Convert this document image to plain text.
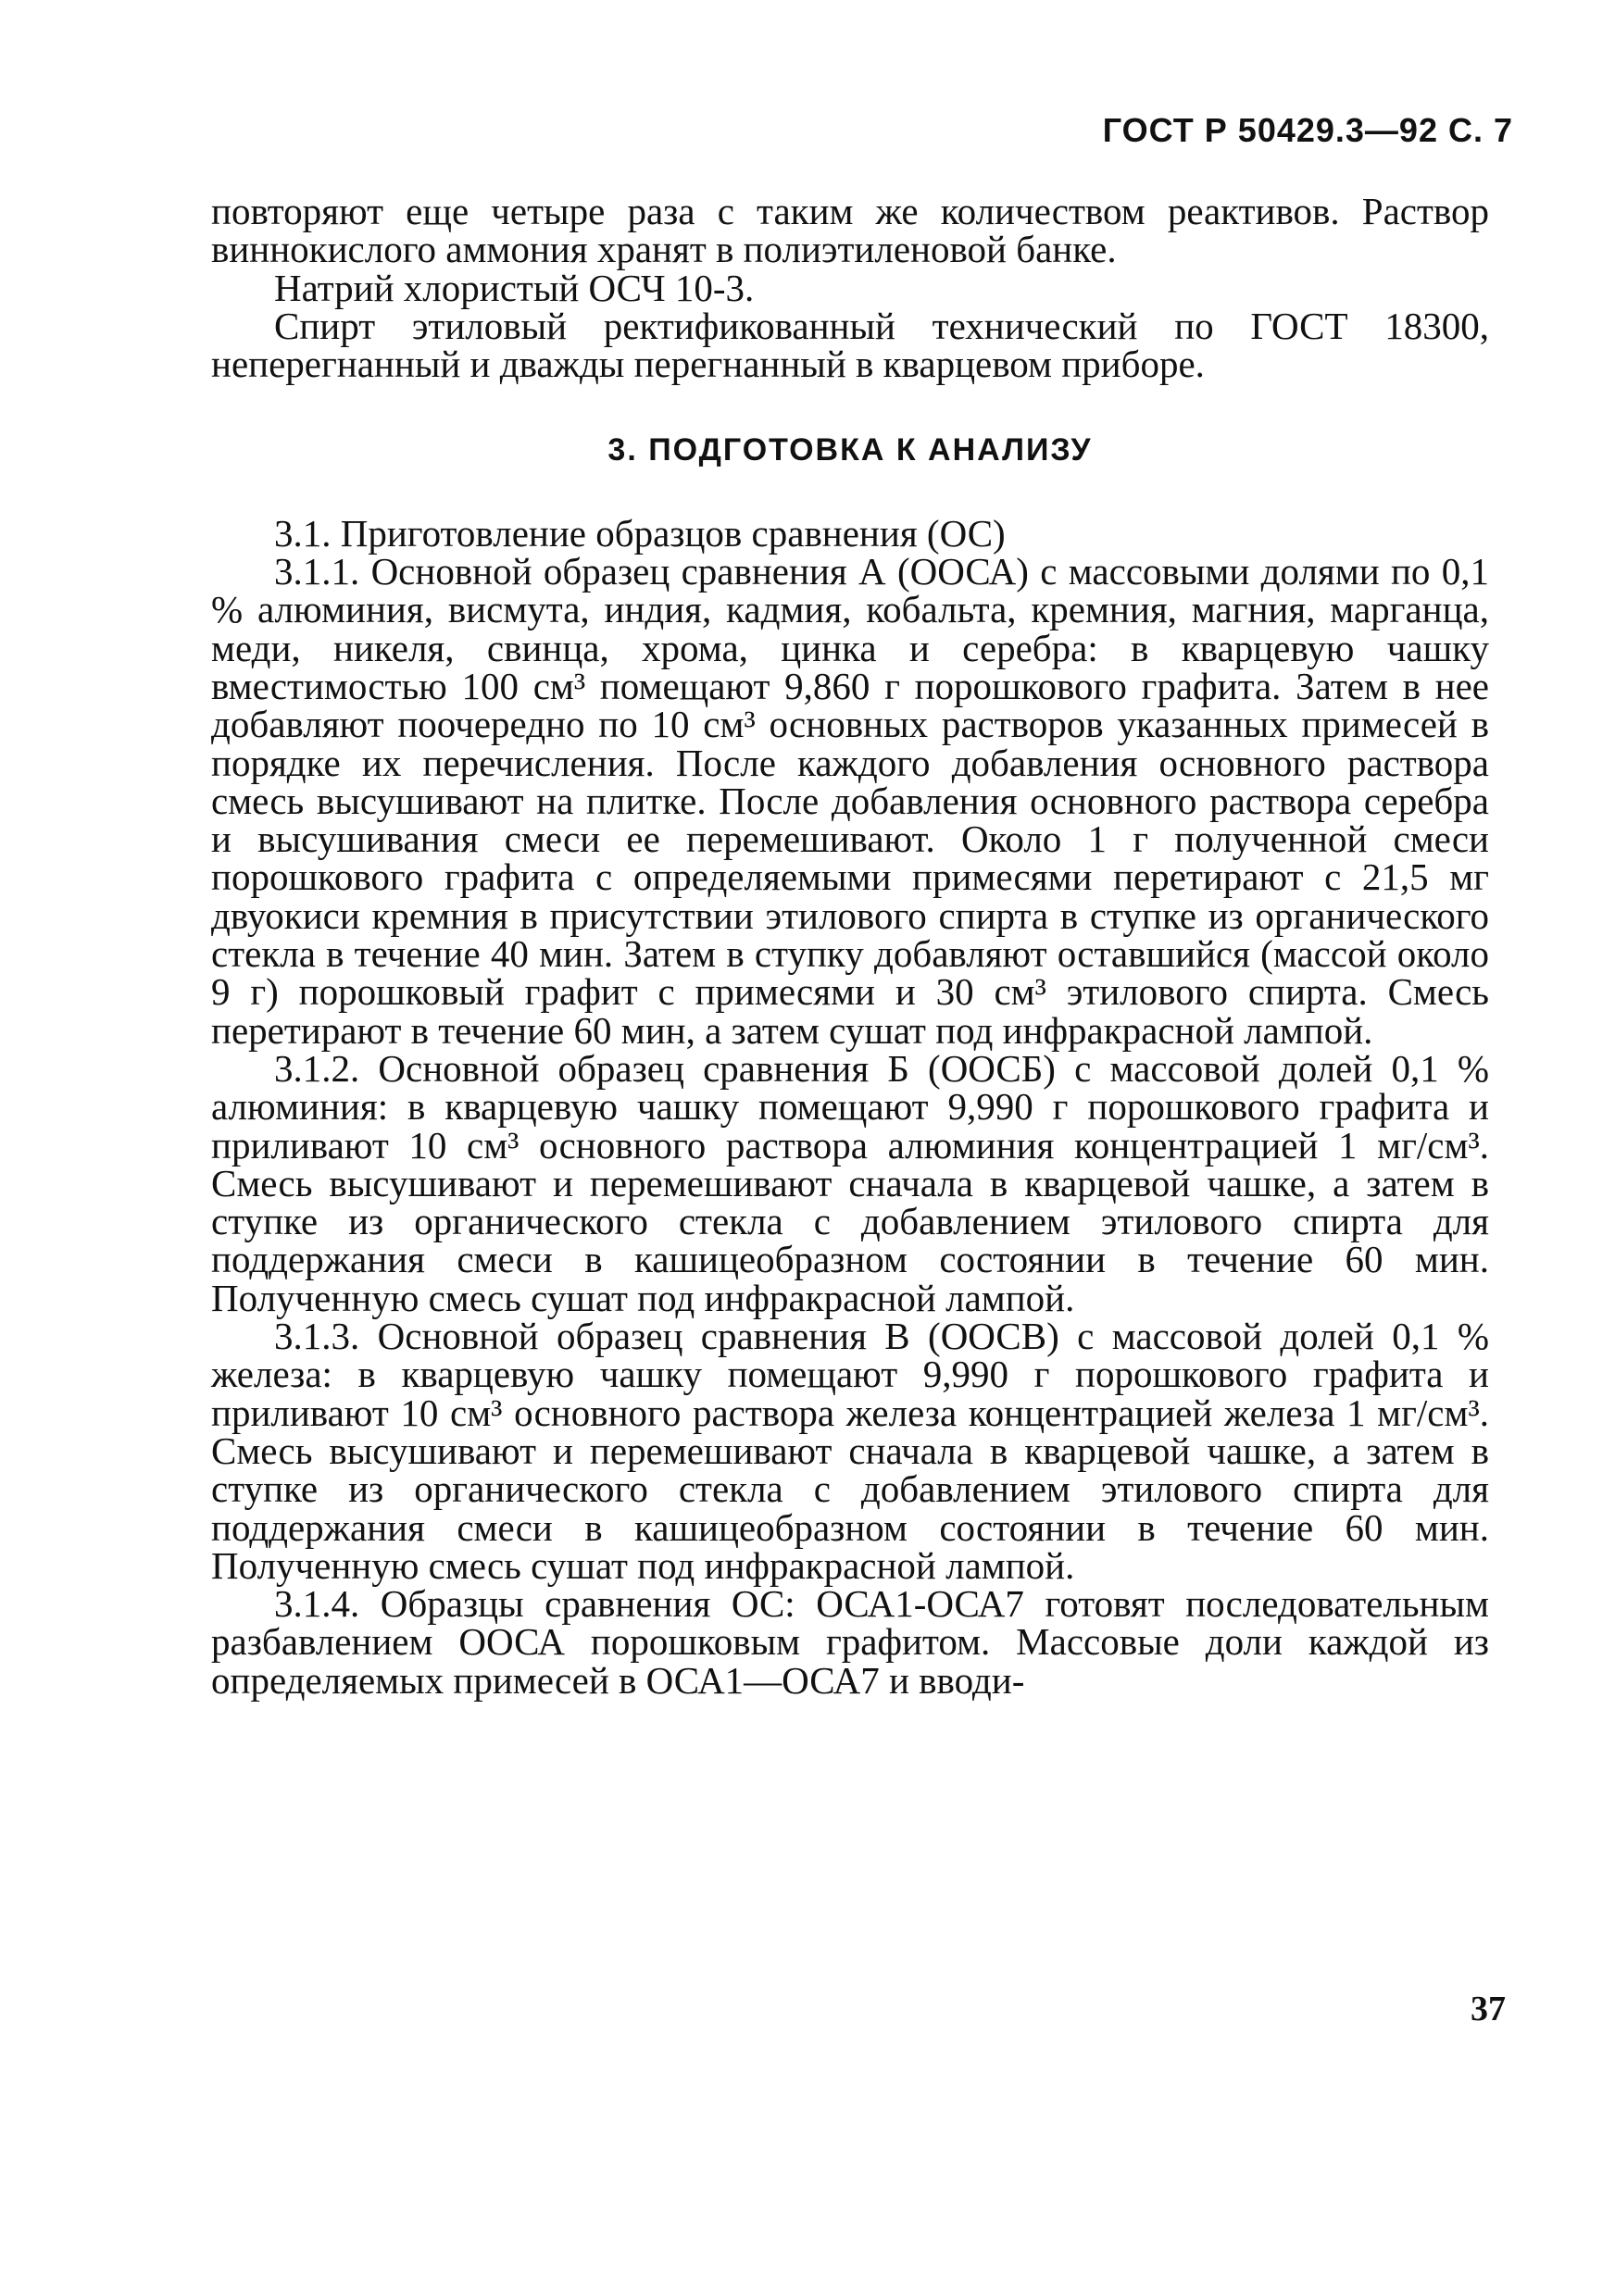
ГОСТ Р 50429.3—92 С. 7

повторяют еще четыре раза с таким же количеством реактивов. Раствор виннокислого аммония хранят в полиэтиленовой банке.

Натрий хлористый ОСЧ 10-3.

Спирт этиловый ректификованный технический по ГОСТ 18300, неперегнанный и дважды перегнанный в кварцевом приборе.

3. ПОДГОТОВКА К АНАЛИЗУ

3.1. Приготовление образцов сравнения (ОС)

3.1.1. Основной образец сравнения А (ООСА) с массовыми долями по 0,1 % алюминия, висмута, индия, кадмия, кобальта, кремния, магния, марганца, меди, никеля, свинца, хрома, цинка и серебра: в кварцевую чашку вместимостью 100 см³ помещают 9,860 г порошкового графита. Затем в нее добавляют поочередно по 10 см³ основных растворов указанных примесей в порядке их перечисления. После каждого добавления основного раствора смесь высушивают на плитке. После добавления основного раствора серебра и высушивания смеси ее перемешивают. Около 1 г полученной смеси порошкового графита с определяемыми примесями перетирают с 21,5 мг двуокиси кремния в присутствии этилового спирта в ступке из органического стекла в течение 40 мин. Затем в ступку добавляют оставшийся (массой около 9 г) порошковый графит с примесями и 30 см³ этилового спирта. Смесь перетирают в течение 60 мин, а затем сушат под инфракрасной лампой.

3.1.2. Основной образец сравнения Б (ООСБ) с массовой долей 0,1 % алюминия: в кварцевую чашку помещают 9,990 г порошкового графита и приливают 10 см³ основного раствора алюминия концентрацией 1 мг/см³. Смесь высушивают и перемешивают сначала в кварцевой чашке, а затем в ступке из органического стекла с добавлением этилового спирта для поддержания смеси в кашицеобразном состоянии в течение 60 мин. Полученную смесь сушат под инфракрасной лампой.

3.1.3. Основной образец сравнения В (ООСВ) с массовой долей 0,1 % железа: в кварцевую чашку помещают 9,990 г порошкового графита и приливают 10 см³ основного раствора железа концентрацией железа 1 мг/см³. Смесь высушивают и перемешивают сначала в кварцевой чашке, а затем в ступке из органического стекла с добавлением этилового спирта для поддержания смеси в кашицеобразном состоянии в течение 60 мин. Полученную смесь сушат под инфракрасной лампой.

3.1.4. Образцы сравнения ОС: ОСА1-ОСА7 готовят последовательным разбавлением ООСА порошковым графитом. Массовые доли каждой из определяемых примесей в ОСА1—ОСА7 и вводи-

37
